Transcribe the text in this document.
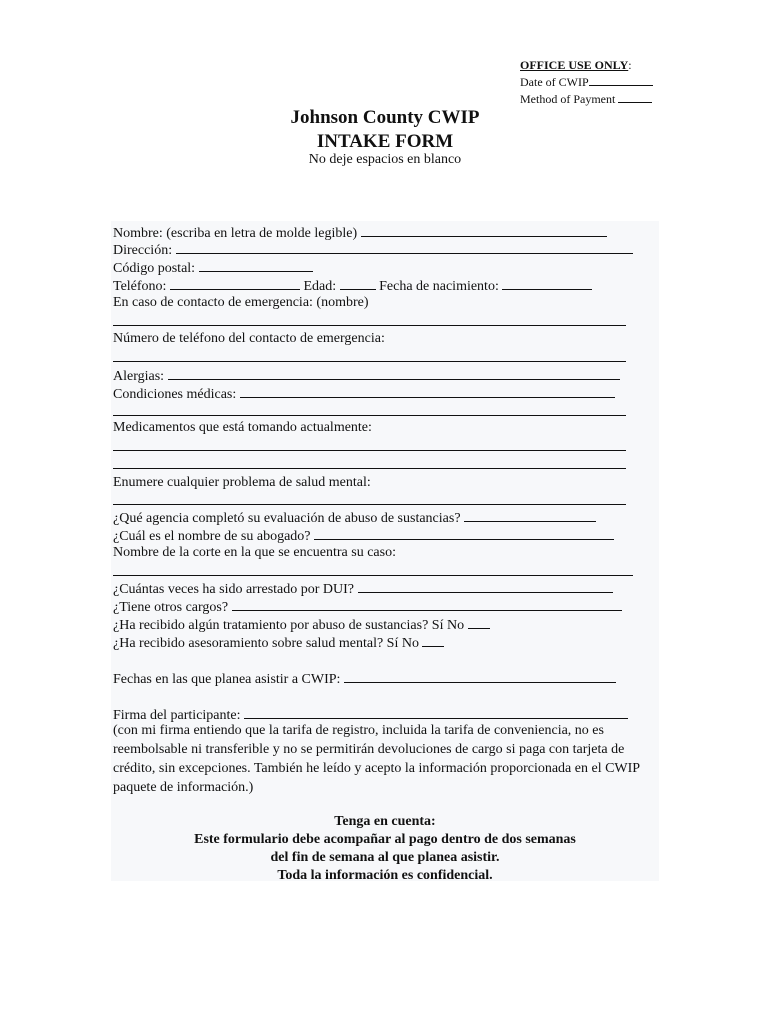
OFFICE USE ONLY:
Date of CWIP
Method of Payment
Johnson County CWIP
INTAKE FORM
No deje espacios en blanco
Nombre: (escriba en letra de molde legible)
Dirección:
Código postal:
Teléfono:	Edad:	Fecha de nacimiento:
En caso de contacto de emergencia: (nombre)
Número de teléfono del contacto de emergencia:
Alergias:
Condiciones médicas:
Medicamentos que está tomando actualmente:
Enumere cualquier problema de salud mental:
¿Qué agencia completó su evaluación de abuso de sustancias?
¿Cuál es el nombre de su abogado?
Nombre de la corte en la que se encuentra su caso:
¿Cuántas veces ha sido arrestado por DUI?
¿Tiene otros cargos?
¿Ha recibido algún tratamiento por abuso de sustancias? Sí No
¿Ha recibido asesoramiento sobre salud mental? Sí No
Fechas en las que planea asistir a CWIP:
Firma del participante:
(con mi firma entiendo que la tarifa de registro, incluida la tarifa de conveniencia, no es reembolsable ni transferible y no se permitirán devoluciones de cargo si paga con tarjeta de crédito, sin excepciones. También he leído y acepto la información proporcionada en el CWIP paquete de información.)
Tenga en cuenta:
Este formulario debe acompañar al pago dentro de dos semanas
del fin de semana al que planea asistir.
Toda la información es confidencial.
